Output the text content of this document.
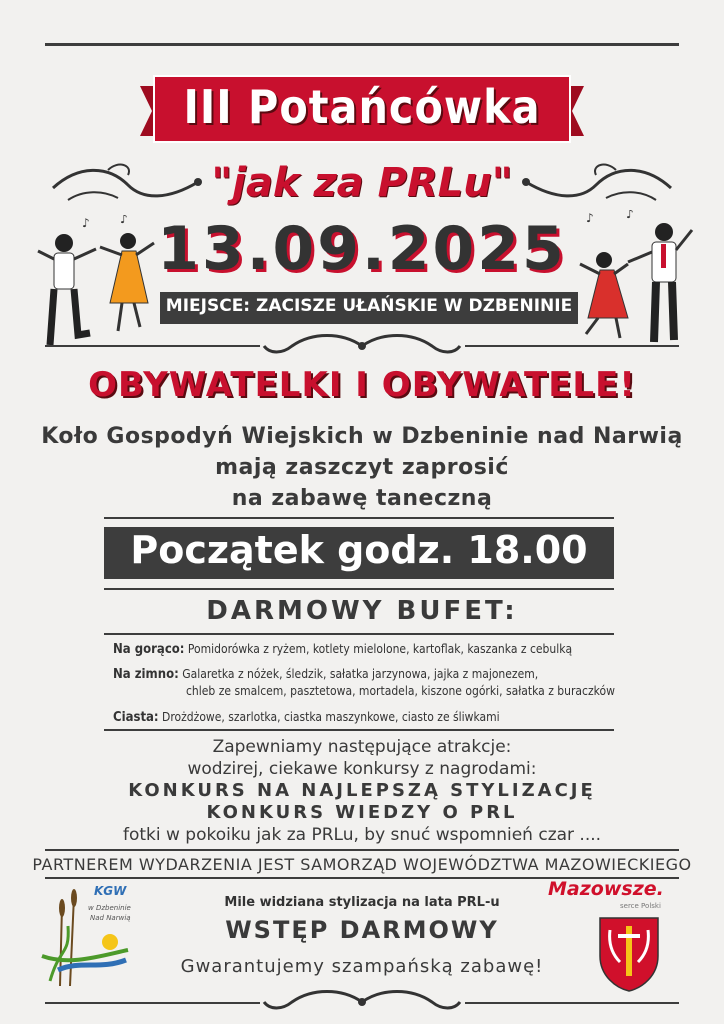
III Potańcówka
"jak za PRLu"
13.09.2025
♪	♪	♪	♪
MIEJSCE: ZACISZE UŁAŃSKIE W DZBENINIE
OBYWATELKI I OBYWATELE!
Koło Gospodyń Wiejskich w Dzbeninie nad Narwią
mają zaszczyt zaprosić
na zabawę taneczną
Początek godz. 18.00
DARMOWY BUFET:
Na gorąco: Pomidorówka z ryżem, kotlety mielolone, kartoflak, kaszanka z cebulką
Na zimno: Galaretka z nóżek, śledzik, sałatka jarzynowa, jajka z majonezem,
chleb ze smalcem, pasztetowa, mortadela, kiszone ogórki, sałatka z buraczków
Ciasta: Drożdżowe, szarlotka, ciastka maszynkowe, ciasto ze śliwkami
Zapewniamy następujące atrakcje:
wodzirej, ciekawe konkursy z nagrodami:
KONKURS NA NAJLEPSZĄ STYLIZACJĘ
KONKURS WIEDZY O PRL
fotki w pokoiku jak za PRLu, by snuć wspomnień czar ....
PARTNEREM WYDARZENIA JEST SAMORZĄD WOJEWÓDZTWA MAZOWIECKIEGO
KGW
w Dzbeninie
Nad Narwią
Mazowsze.
serce Polski
Mile widziana stylizacja na lata PRL-u
WSTĘP DARMOWY
Gwarantujemy szampańską zabawę!
